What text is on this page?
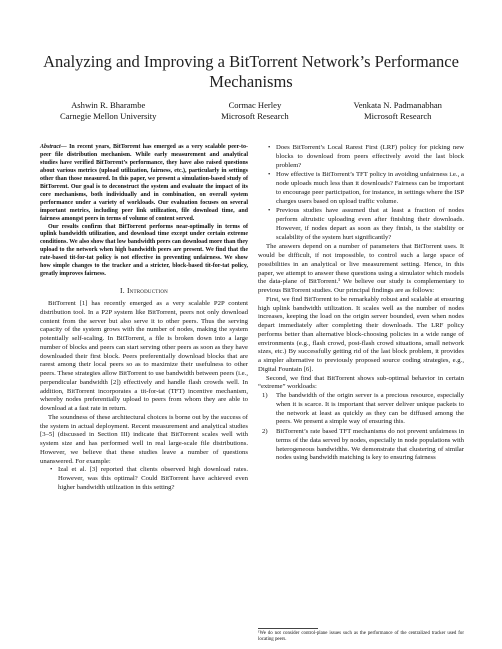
Analyzing and Improving a BitTorrent Network’s Performance Mechanisms
Ashwin R. Bharambe
Carnegie Mellon University
Cormac Herley
Microsoft Research
Venkata N. Padmanabhan
Microsoft Research

Abstract— In recent years, BitTorrent has emerged as a very scalable peer-to-peer file distribution mechanism. While early measurement and analytical studies have verified BitTorrent’s performance, they have also raised questions about various metrics (upload utilization, fairness, etc.), particularly in settings other than those measured. In this paper, we present a simulation-based study of BitTorrent. Our goal is to deconstruct the system and evaluate the impact of its core mechanisms, both individually and in combination, on overall system performance under a variety of workloads. Our evaluation focuses on several important metrics, including peer link utilization, file download time, and fairness amongst peers in terms of volume of content served.

Our results confirm that BitTorrent performs near-optimally in terms of uplink bandwidth utilization, and download time except under certain extreme conditions. We also show that low bandwidth peers can download more than they upload to the network when high bandwidth peers are present. We find that the rate-based tit-for-tat policy is not effective in preventing unfairness. We show how simple changes to the tracker and a stricter, block-based tit-for-tat policy, greatly improves fairness.

I. Introduction

BitTorrent [1] has recently emerged as a very scalable P2P content distribution tool. In a P2P system like BitTorrent, peers not only download content from the server but also serve it to other peers. Thus the serving capacity of the system grows with the number of nodes, making the system potentially self-scaling. In BitTorrent, a file is broken down into a large number of blocks and peers can start serving other peers as soon as they have downloaded their first block. Peers preferentially download blocks that are rarest among their local peers so as to maximize their usefulness to other peers. These strategies allow BitTorrent to use bandwidth between peers (i.e., perpendicular bandwidth [2]) effectively and handle flash crowds well. In addition, BitTorrent incorporates a tit-for-tat (TFT) incentive mechanism, whereby nodes preferentially upload to peers from whom they are able to download at a fast rate in return.

The soundness of these architectural choices is borne out by the success of the system in actual deployment. Recent measurement and analytical studies [3–5] (discussed in Section III) indicate that BitTorrent scales well with system size and has performed well in real large-scale file distributions. However, we believe that these studies leave a number of questions unanswered. For example:

• Izal et al. [3] reported that clients observed high download rates. However, was this optimal? Could BitTorrent have achieved even higher bandwidth utilization in this setting?
• Does BitTorrent’s Local Rarest First (LRF) policy for picking new blocks to download from peers effectively avoid the last block problem?
• How effective is BitTorrent’s TFT policy in avoiding unfairness i.e., a node uploads much less than it downloads? Fairness can be important to encourage peer participation, for instance, in settings where the ISP charges users based on upload traffic volume.
• Previous studies have assumed that at least a fraction of nodes perform altruistic uploading even after finishing their downloads. However, if nodes depart as soon as they finish, is the stability or scalability of the system hurt significantly?

The answers depend on a number of parameters that BitTorrent uses. It would be difficult, if not impossible, to control such a large space of possibilities in an analytical or live measurement setting. Hence, in this paper, we attempt to answer these questions using a simulator which models the data-plane of BitTorrent.¹ We believe our study is complementary to previous BitTorrent studies. Our principal findings are as follows:

First, we find BitTorrent to be remarkably robust and scalable at ensuring high uplink bandwidth utilization. It scales well as the number of nodes increases, keeping the load on the origin server bounded, even when nodes depart immediately after completing their downloads. The LRF policy performs better than alternative block-choosing policies in a wide range of environments (e.g., flash crowd, post-flash crowd situations, small network sizes, etc.) By successfully getting rid of the last block problem, it provides a simpler alternative to previously proposed source coding strategies, e.g., Digital Fountain [6].

Second, we find that BitTorrent shows sub-optimal behavior in certain “extreme” workloads:

1) The bandwidth of the origin server is a precious resource, especially when it is scarce. It is important that server deliver unique packets to the network at least as quickly as they can be diffused among the peers. We present a simple way of ensuring this.
2) BitTorrent’s rate based TFT mechanisms do not prevent unfairness in terms of the data served by nodes, especially in node populations with heterogeneous bandwidths. We demonstrate that clustering of similar nodes using bandwidth matching is key to ensuring fairness
¹We do not consider control-plane issues such as the performance of the centralized tracker used for locating peers.
